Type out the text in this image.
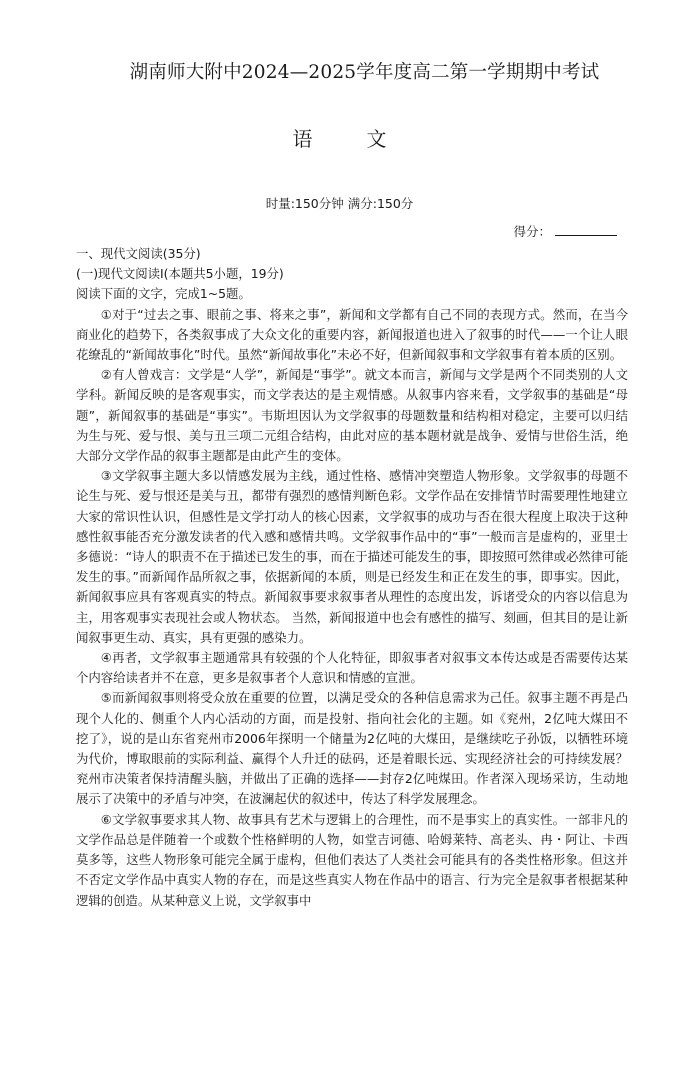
湖南师大附中2024—2025学年度高二第一学期期中考试
语文
时量:150分钟 满分:150分
得分：

一、现代文阅读(35分)

(一)现代文阅读Ⅰ(本题共5小题，19分)

阅读下面的文字，完成1~5题。

①对于“过去之事、眼前之事、将来之事”，新闻和文学都有自己不同的表现方式。然而，在当今商业化的趋势下，各类叙事成了大众文化的重要内容，新闻报道也进入了叙事的时代——一个让人眼花缭乱的“新闻故事化”时代。虽然“新闻故事化”未必不好，但新闻叙事和文学叙事有着本质的区别。

②有人曾戏言：文学是“人学”，新闻是“事学”。就文本而言，新闻与文学是两个不同类别的人文学科。新闻反映的是客观事实，而文学表达的是主观情感。从叙事内容来看，文学叙事的基础是“母题”，新闻叙事的基础是“事实”。韦斯坦因认为文学叙事的母题数量和结构相对稳定，主要可以归结为生与死、爱与恨、美与丑三项二元组合结构，由此对应的基本题材就是战争、爱情与世俗生活，绝大部分文学作品的叙事主题都是由此产生的变体。

③文学叙事主题大多以情感发展为主线，通过性格、感情冲突塑造人物形象。文学叙事的母题不论生与死、爱与恨还是美与丑，都带有强烈的感情判断色彩。文学作品在安排情节时需要理性地建立大家的常识性认识，但感性是文学打动人的核心因素，文学叙事的成功与否在很大程度上取决于这种感性叙事能否充分激发读者的代入感和感情共鸣。文学叙事作品中的“事”一般而言是虚构的，亚里士多德说：“诗人的职责不在于描述已发生的事，而在于描述可能发生的事，即按照可然律或必然律可能发生的事。”而新闻作品所叙之事，依据新闻的本质，则是已经发生和正在发生的事，即事实。因此，新闻叙事应具有客观真实的特点。新闻叙事要求叙事者从理性的态度出发，诉诸受众的内容以信息为主，用客观事实表现社会或人物状态。 当然，新闻报道中也会有感性的描写、刻画，但其目的是让新闻叙事更生动、真实，具有更强的感染力。

④再者，文学叙事主题通常具有较强的个人化特征，即叙事者对叙事文本传达或是否需要传达某个内容给读者并不在意，更多是叙事者个人意识和情感的宣泄。

⑤而新闻叙事则将受众放在重要的位置，以满足受众的各种信息需求为己任。叙事主题不再是凸现个人化的、侧重个人内心活动的方面，而是投射、指向社会化的主题。如《兖州，2亿吨大煤田不挖了》，说的是山东省兖州市2006年探明一个储量为2亿吨的大煤田，是继续吃子孙饭，以牺牲环境为代价，博取眼前的实际利益、赢得个人升迁的砝码，还是着眼长远、实现经济社会的可持续发展？兖州市决策者保持清醒头脑，并做出了正确的选择——封存2亿吨煤田。作者深入现场采访，生动地展示了决策中的矛盾与冲突，在波澜起伏的叙述中，传达了科学发展理念。

⑥文学叙事要求其人物、故事具有艺术与逻辑上的合理性，而不是事实上的真实性。一部非凡的文学作品总是伴随着一个或数个性格鲜明的人物，如堂吉诃德、哈姆莱特、高老头、冉・阿让、卡西莫多等，这些人物形象可能完全属于虚构，但他们表达了人类社会可能具有的各类性格形象。但这并不否定文学作品中真实人物的存在，而是这些真实人物在作品中的语言、行为完全是叙事者根据某种逻辑的创造。从某种意义上说，文学叙事中
